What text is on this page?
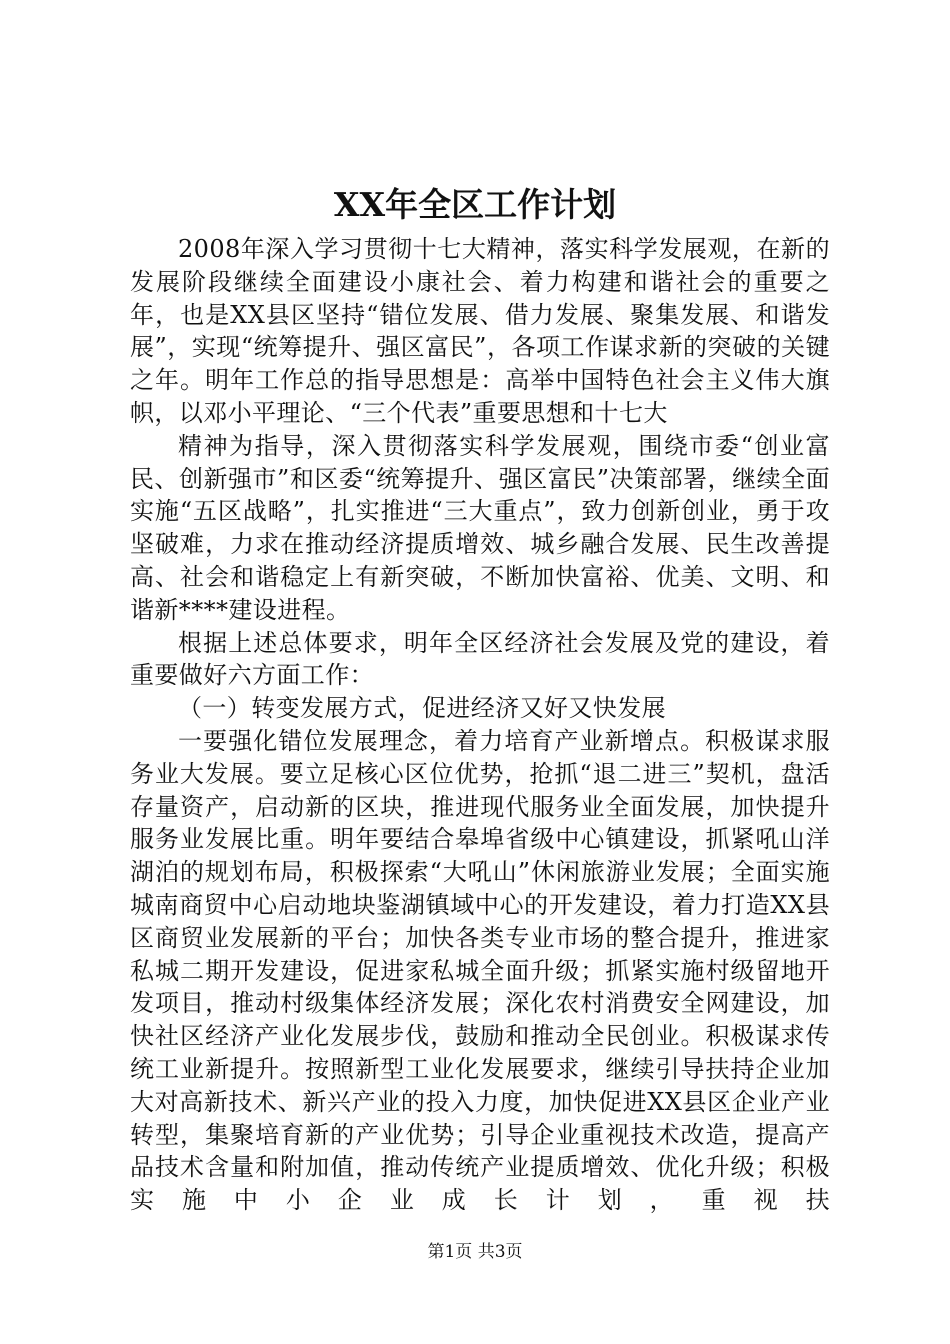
XX年全区工作计划

2008年深入学习贯彻十七大精神，落实科学发展观，在新的发展阶段继续全面建设小康社会、着力构建和谐社会的重要之年，也是XX县区坚持“错位发展、借力发展、聚集发展、和谐发展”，实现“统筹提升、强区富民”，各项工作谋求新的突破的关键之年。明年工作总的指导思想是：高举中国特色社会主义伟大旗帜，以邓小平理论、“三个代表”重要思想和十七大

精神为指导，深入贯彻落实科学发展观，围绕市委“创业富民、创新强市”和区委“统筹提升、强区富民”决策部署，继续全面实施“五区战略”，扎实推进“三大重点”，致力创新创业，勇于攻坚破难，力求在推动经济提质增效、城乡融合发展、民生改善提高、社会和谐稳定上有新突破，不断加快富裕、优美、文明、和谐新****建设进程。

根据上述总体要求，明年全区经济社会发展及党的建设，着重要做好六方面工作：

（一）转变发展方式，促进经济又好又快发展

一要强化错位发展理念，着力培育产业新增点。积极谋求服务业大发展。要立足核心区位优势，抢抓“退二进三”契机，盘活存量资产，启动新的区块，推进现代服务业全面发展，加快提升服务业发展比重。明年要结合皋埠省级中心镇建设，抓紧吼山洋湖泊的规划布局，积极探索“大吼山”休闲旅游业发展；全面实施城南商贸中心启动地块鉴湖镇域中心的开发建设，着力打造XX县区商贸业发展新的平台；加快各类专业市场的整合提升，推进家私城二期开发建设，促进家私城全面升级；抓紧实施村级留地开发项目，推动村级集体经济发展；深化农村消费安全网建设，加快社区经济产业化发展步伐，鼓励和推动全民创业。积极谋求传统工业新提升。按照新型工业化发展要求，继续引导扶持企业加大对高新技术、新兴产业的投入力度，加快促进XX县区企业产业转型，集聚培育新的产业优势；引导企业重视技术改造，提高产品技术含量和附加值，推动传统产业提质增效、优化升级；积极实施中小企业成长计划，重视扶

第1页 共3页
